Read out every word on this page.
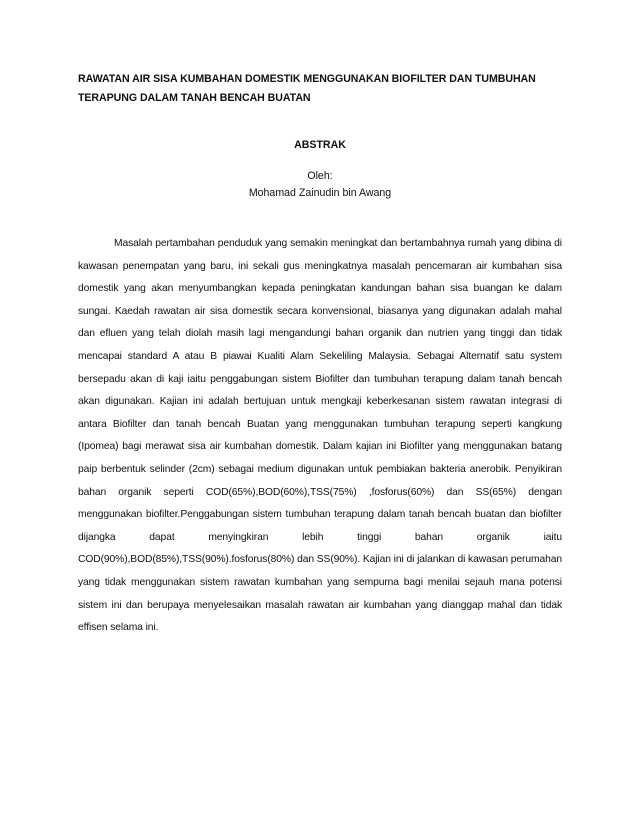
RAWATAN AIR SISA KUMBAHAN DOMESTIK MENGGUNAKAN BIOFILTER DAN TUMBUHAN TERAPUNG DALAM TANAH BENCAH BUATAN

ABSTRAK

Oleh:

Mohamad Zainudin bin Awang

Masalah pertambahan penduduk yang semakin meningkat dan bertambahnya rumah yang dibina di kawasan penempatan yang baru, ini sekali gus meningkatnya masalah pencemaran air kumbahan sisa domestik yang akan menyumbangkan kepada peningkatan kandungan bahan sisa buangan ke dalam sungai. Kaedah rawatan air sisa domestik secara konvensional, biasanya yang digunakan adalah mahal dan efluen yang telah diolah masih lagi mengandungi bahan organik dan nutrien yang tinggi dan tidak mencapai standard A atau B piawai Kualiti Alam Sekeliling Malaysia. Sebagai Alternatif satu system bersepadu akan di kaji iaitu penggabungan sistem Biofilter dan tumbuhan terapung dalam tanah bencah akan digunakan. Kajian ini adalah bertujuan untuk mengkaji keberkesanan sistem rawatan integrasi di antara Biofilter dan tanah bencah Buatan yang menggunakan tumbuhan terapung seperti kangkung (Ipomea) bagi merawat sisa air kumbahan domestik. Dalam kajian ini Biofilter yang menggunakan batang paip berbentuk selinder (2cm) sebagai medium digunakan untuk pembiakan bakteria anerobik. Penyikiran bahan organik seperti COD(65%),BOD(60%),TSS(75%) ,fosforus(60%) dan SS(65%) dengan menggunakan biofilter.Penggabungan sistem tumbuhan terapung dalam tanah bencah buatan dan biofilter dijangka dapat menyingkiran lebih tinggi bahan organik iaitu COD(90%),BOD(85%),TSS(90%).fosforus(80%) dan SS(90%). Kajian ini di jalankan di kawasan perumahan yang tidak menggunakan sistem rawatan kumbahan yang sempurna bagi menilai sejauh mana potensi sistem ini dan berupaya menyelesaikan masalah rawatan air kumbahan yang dianggap mahal dan tidak effisen selama ini.
